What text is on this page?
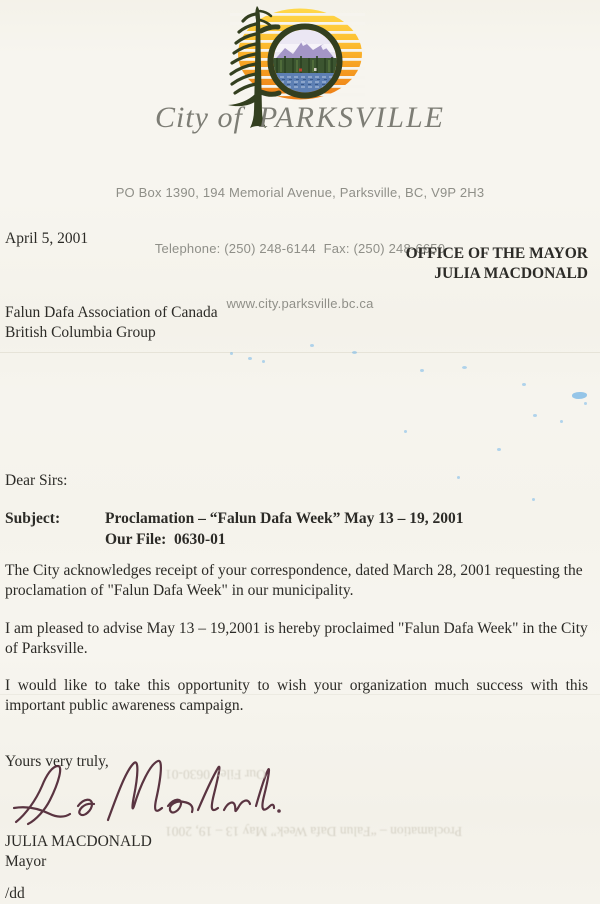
City of PARKSVILLE

PO Box 1390, 194 Memorial Avenue, Parksville, BC, V9P 2H3

Telephone: (250) 248-6144  Fax: (250) 248-6650

www.city.parksville.bc.ca

April 5, 2001
OFFICE OF THE MAYOR
JULIA MACDONALD
Falun Dafa Association of Canada
British Columbia Group
Dear Sirs:
Subject:	Proclamation – “Falun Dafa Week” May 13 – 19, 2001
Our File:  0630-01
The City acknowledges receipt of your correspondence, dated March 28, 2001 requesting the proclamation of "Falun Dafa Week" in our municipality.
I am pleased to advise May 13 – 19,2001 is hereby proclaimed "Falun Dafa Week" in the City of Parksville.
I would like to take this opportunity to wish your organization much success with this important public awareness campaign.
Yours very truly,
JULIA MACDONALD
Mayor
/dd

Proclamation – “Falun Dafa Week” May 13 – 19, 2001

Our File:  0630-01
